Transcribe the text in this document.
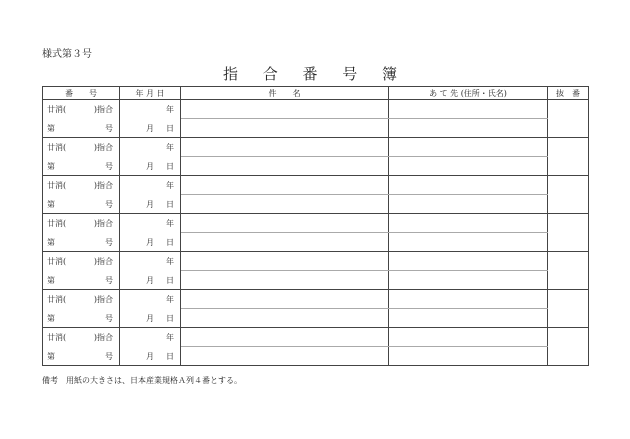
様式第３号
指 合 番 号 簿
番　　号	年 月 日	件　　名	あ て 先 (住所・氏名)	抜　番

廿消( )指合	年			

第 号	月 日			

廿消( )指合	年			

第 号	月 日			

廿消( )指合	年			

第 号	月 日			

廿消( )指合	年			

第 号	月 日			

廿消( )指合	年			

第 号	月 日			

廿消( )指合	年			

第 号	月 日			

廿消( )指合	年			

第 号	月 日			

備考　用紙の大きさは、日本産業規格Ａ列４番とする。
